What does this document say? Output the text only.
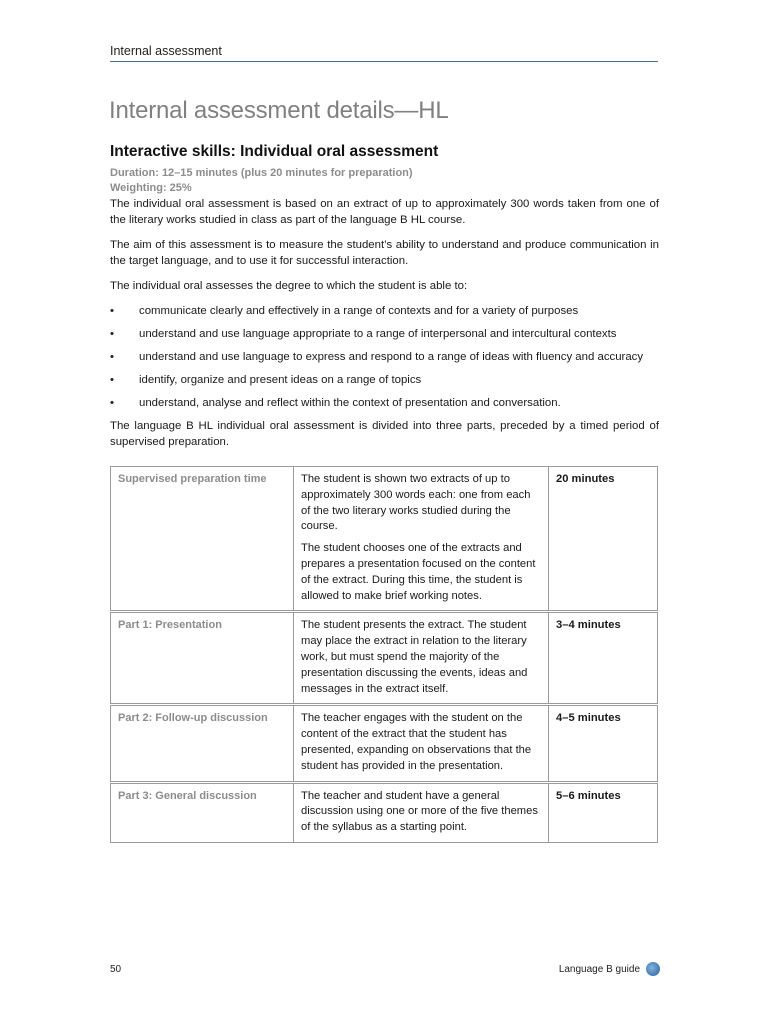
Internal assessment
Internal assessment details—HL
Interactive skills: Individual oral assessment
Duration: 12–15 minutes (plus 20 minutes for preparation)
Weighting: 25%

The individual oral assessment is based on an extract of up to approximately 300 words taken from one of the literary works studied in class as part of the language B HL course.

The aim of this assessment is to measure the student’s ability to understand and produce communication in the target language, and to use it for successful interaction.

The individual oral assesses the degree to which the student is able to:

• communicate clearly and effectively in a range of contexts and for a variety of purposes
• understand and use language appropriate to a range of interpersonal and intercultural contexts
• understand and use language to express and respond to a range of ideas with fluency and accuracy
• identify, organize and present ideas on a range of topics
• understand, analyse and reflect within the context of presentation and conversation.

The language B HL individual oral assessment is divided into three parts, preceded by a timed period of supervised preparation.

Supervised preparation time	The student is shown two extracts of up to approximately 300 words each: one from each of the two literary works studied during the course.

The student chooses one of the extracts and prepares a presentation focused on the content of the extract. During this time, the student is allowed to make brief working notes.	20 minutes

Part 1: Presentation	The student presents the extract. The student may place the extract in relation to the literary work, but must spend the majority of the presentation discussing the events, ideas and messages in the extract itself.	3–4 minutes

Part 2: Follow-up discussion	The teacher engages with the student on the content of the extract that the student has presented, expanding on observations that the student has provided in the presentation.	4–5 minutes

Part 3: General discussion	The teacher and student have a general discussion using one or more of the five themes of the syllabus as a starting point.	5–6 minutes
50	Language B guide
